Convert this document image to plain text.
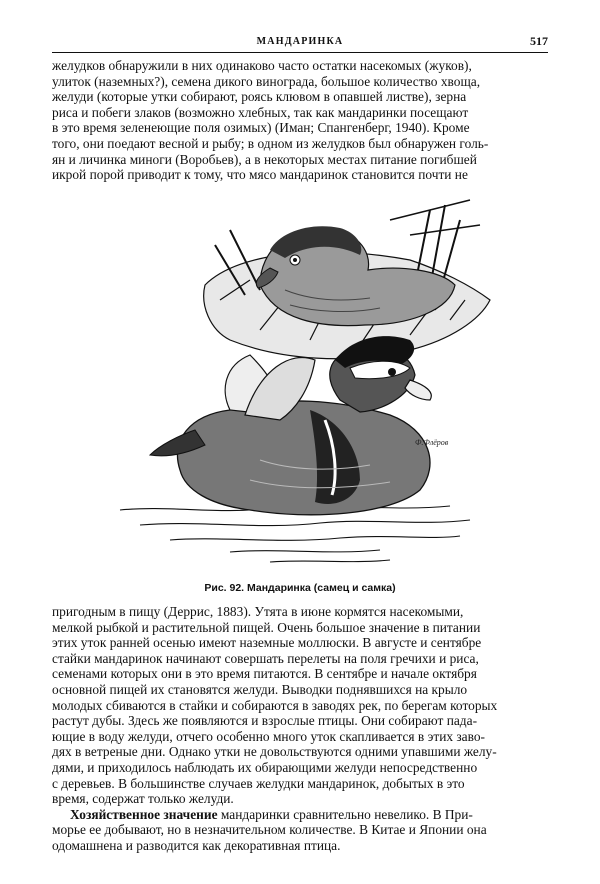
МАНДАРИНКА	517

желудков обнаружили в них одинаково часто остатки насекомых (жуков),

улиток (наземных?), семена дикого винограда, большое количество хвоща,

желуди (которые утки собирают, роясь клювом в опавшей листве), зерна

риса и побеги злаков (возможно хлебных, так как мандаринки посещают

в это время зеленеющие поля озимых) (Иман; Спангенберг, 1940). Кроме

того, они поедают весной и рыбу; в одном из желудков был обнаружен голь-

ян и личинка миноги (Воробьев), а в некоторых местах питание погибшей

икрой порой приводит к тому, что мясо мандаринок становится почти не

Ф.Флёров
Рис. 92. Мандаринка (самец и самка)

пригодным в пищу (Деррис, 1883). Утята в июне кормятся насекомыми,

мелкой рыбкой и растительной пищей. Очень большое значение в питании

этих уток ранней осенью имеют наземные моллюски. В августе и сентябре

стайки мандаринок начинают совершать перелеты на поля гречихи и риса,

семенами которых они в это время питаются. В сентябре и начале октября

основной пищей их становятся желуди. Выводки поднявшихся на крыло

молодых сбиваются в стайки и собираются в заводях рек, по берегам которых

растут дубы. Здесь же появляются и взрослые птицы. Они собирают пада-

ющие в воду желуди, отчего особенно много уток скапливается в этих заво-

дях в ветреные дни. Однако утки не довольствуются одними упавшими желу-

дями, и приходилось наблюдать их обирающими желуди непосредственно

с деревьев. В большинстве случаев желудки мандаринок, добытых в это

время, содержат только желуди.

Хозяйственное значение мандаринки сравнительно невелико. В При-

морье ее добывают, но в незначительном количестве. В Китае и Японии она

одомашнена и разводится как декоративная птица.
